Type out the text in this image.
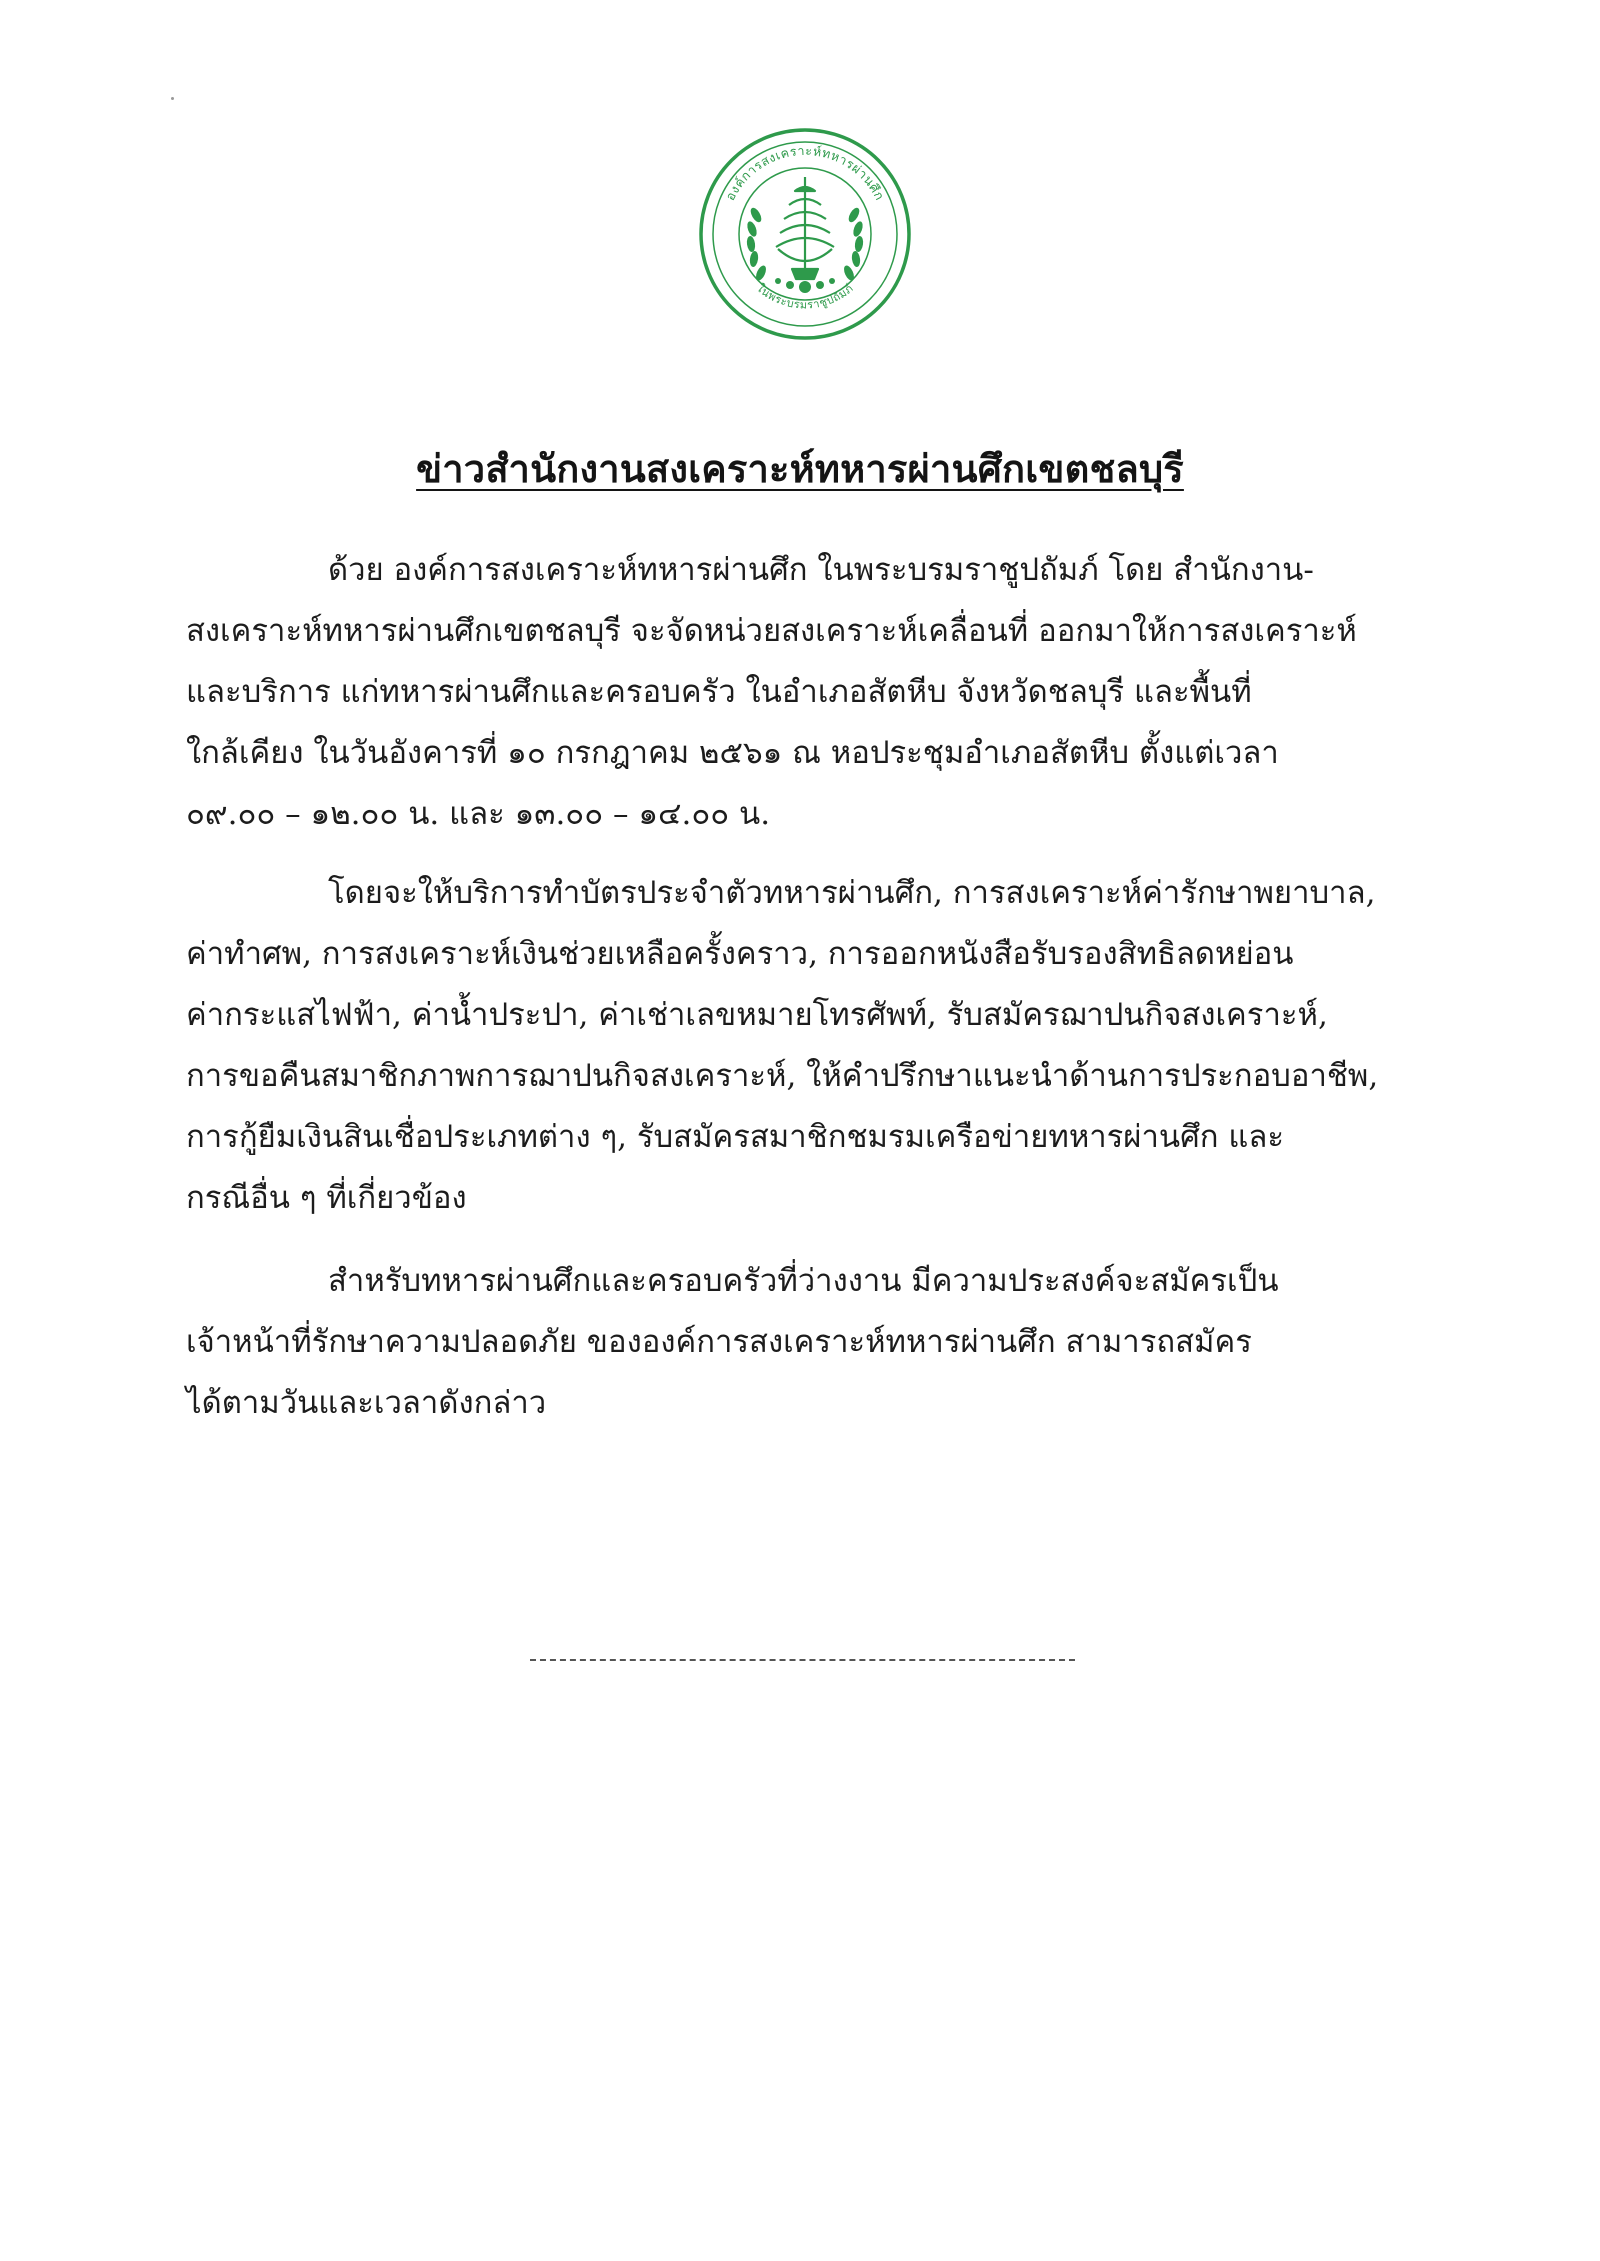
องค์การสงเคราะห์ทหารผ่านศึก
ในพระบรมราชูปถัมภ์
ข่าวสำนักงานสงเคราะห์ทหารผ่านศึกเขตชลบุรี
ด้วย องค์การสงเคราะห์ทหารผ่านศึก ในพระบรมราชูปถัมภ์ โดย สำนักงาน-
สงเคราะห์ทหารผ่านศึกเขตชลบุรี จะจัดหน่วยสงเคราะห์เคลื่อนที่ ออกมาให้การสงเคราะห์
และบริการ แก่ทหารผ่านศึกและครอบครัว ในอำเภอสัตหีบ จังหวัดชลบุรี และพื้นที่
ใกล้เคียง ในวันอังคารที่ ๑๐ กรกฎาคม ๒๕๖๑ ณ หอประชุมอำเภอสัตหีบ ตั้งแต่เวลา
๐๙.๐๐ – ๑๒.๐๐ น. และ ๑๓.๐๐ – ๑๔.๐๐ น.
โดยจะให้บริการทำบัตรประจำตัวทหารผ่านศึก, การสงเคราะห์ค่ารักษาพยาบาล,
ค่าทำศพ, การสงเคราะห์เงินช่วยเหลือครั้งคราว, การออกหนังสือรับรองสิทธิลดหย่อน
ค่ากระแสไฟฟ้า, ค่าน้ำประปา, ค่าเช่าเลขหมายโทรศัพท์, รับสมัครฌาปนกิจสงเคราะห์,
การขอคืนสมาชิกภาพการฌาปนกิจสงเคราะห์, ให้คำปรึกษาแนะนำด้านการประกอบอาชีพ,
การกู้ยืมเงินสินเชื่อประเภทต่าง ๆ, รับสมัครสมาชิกชมรมเครือข่ายทหารผ่านศึก และ
กรณีอื่น ๆ ที่เกี่ยวข้อง
สำหรับทหารผ่านศึกและครอบครัวที่ว่างงาน มีความประสงค์จะสมัครเป็น
เจ้าหน้าที่รักษาความปลอดภัย ขององค์การสงเคราะห์ทหารผ่านศึก สามารถสมัคร
ได้ตามวันและเวลาดังกล่าว
